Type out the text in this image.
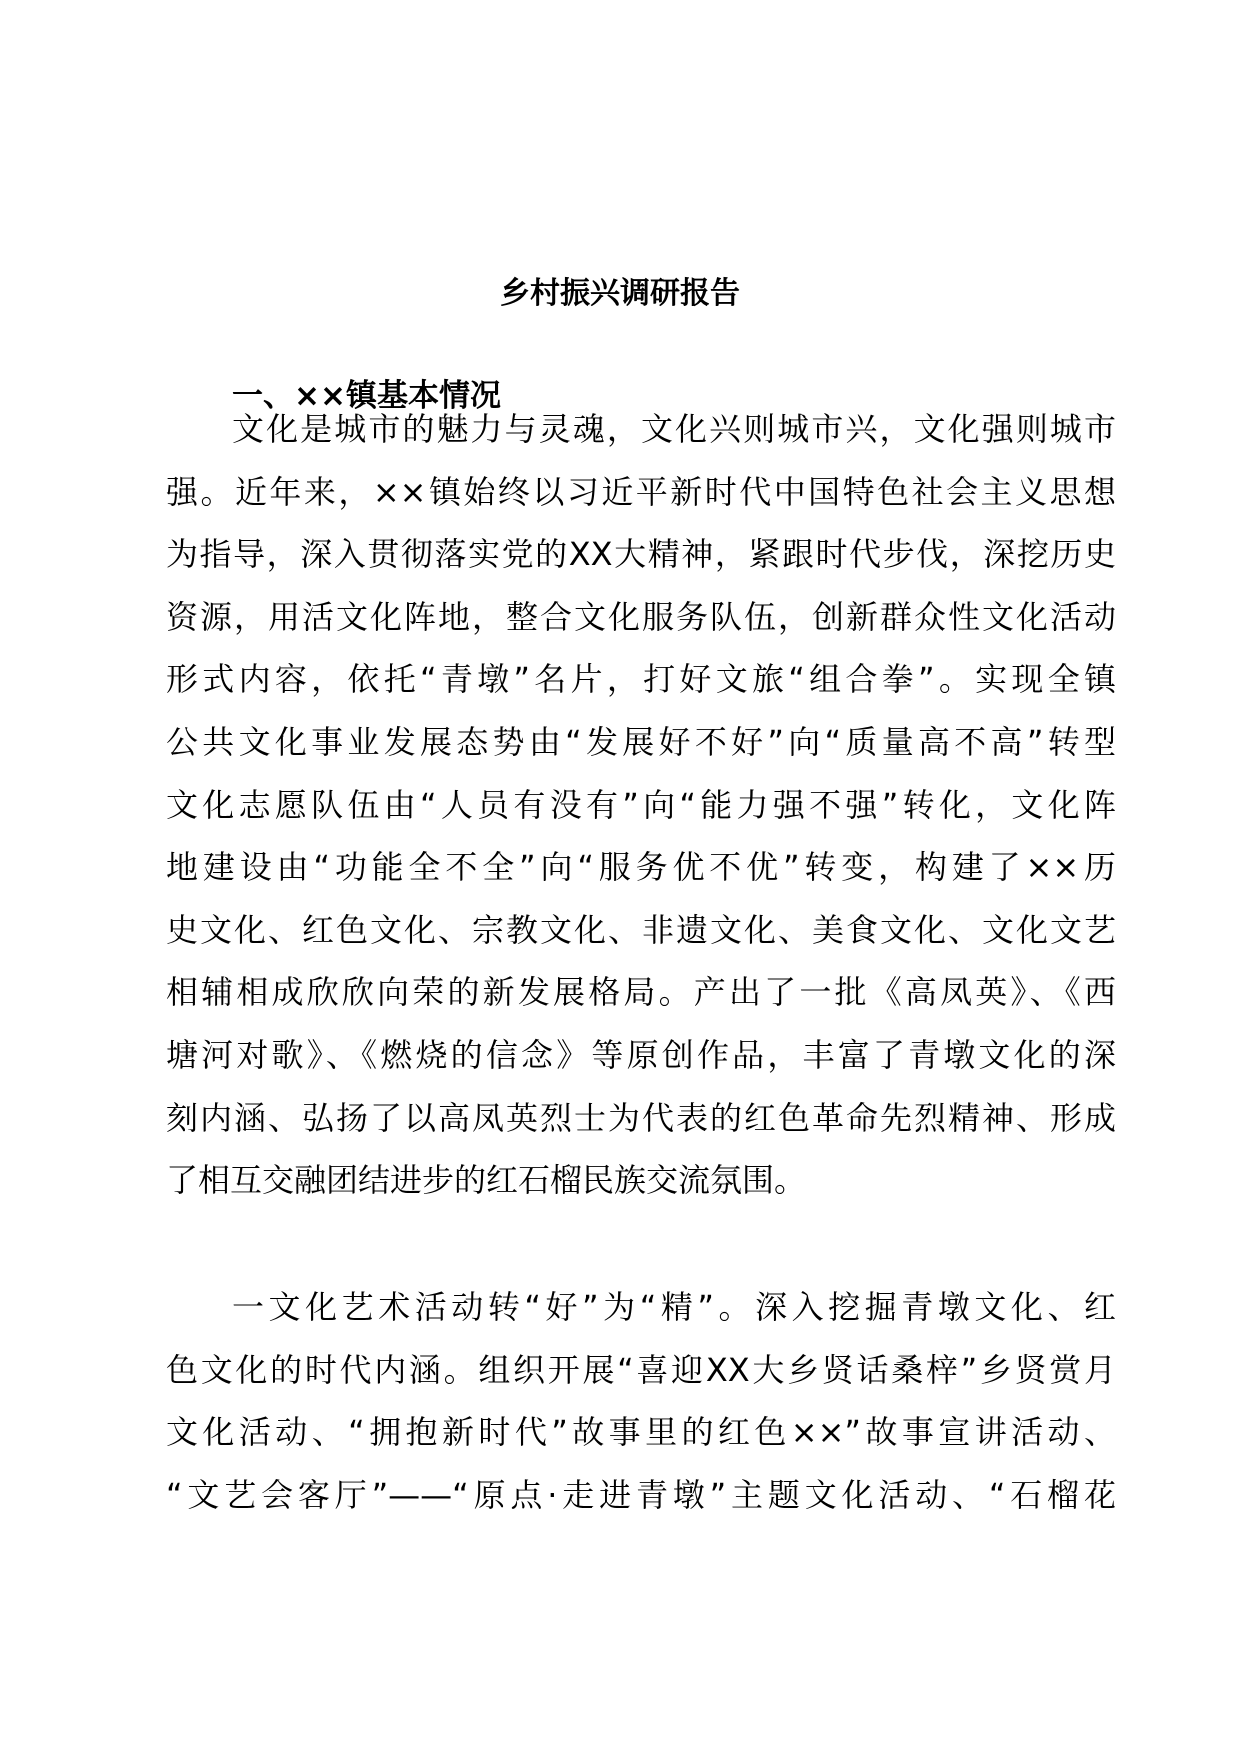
乡村振兴调研报告
一、××镇基本情况
文化是城市的魅力与灵魂，文化兴则城市兴，文化强则城市
强。近年来，××镇始终以习近平新时代中国特色社会主义思想
为指导，深入贯彻落实党的XX大精神，紧跟时代步伐，深挖历史
资源，用活文化阵地，整合文化服务队伍，创新群众性文化活动
形式内容，依托“青墩”名片，打好文旅“组合拳”。实现全镇
公共文化事业发展态势由“发展好不好”向“质量高不高”转型
文化志愿队伍由“人员有没有”向“能力强不强”转化，文化阵
地建设由“功能全不全”向“服务优不优”转变，构建了××历
史文化、红色文化、宗教文化、非遗文化、美食文化、文化文艺
相辅相成欣欣向荣的新发展格局。产出了一批《高凤英》、《西
塘河对歌》、《燃烧的信念》等原创作品，丰富了青墩文化的深
刻内涵、弘扬了以高凤英烈士为代表的红色革命先烈精神、形成
了相互交融团结进步的红石榴民族交流氛围。
一文化艺术活动转“好”为“精”。深入挖掘青墩文化、红
色文化的时代内涵。组织开展“喜迎XX大乡贤话桑梓”乡贤赏月
文化活动、“拥抱新时代”故事里的红色××”故事宣讲活动、
“文艺会客厅”——“原点·走进青墩”主题文化活动、“石榴花
